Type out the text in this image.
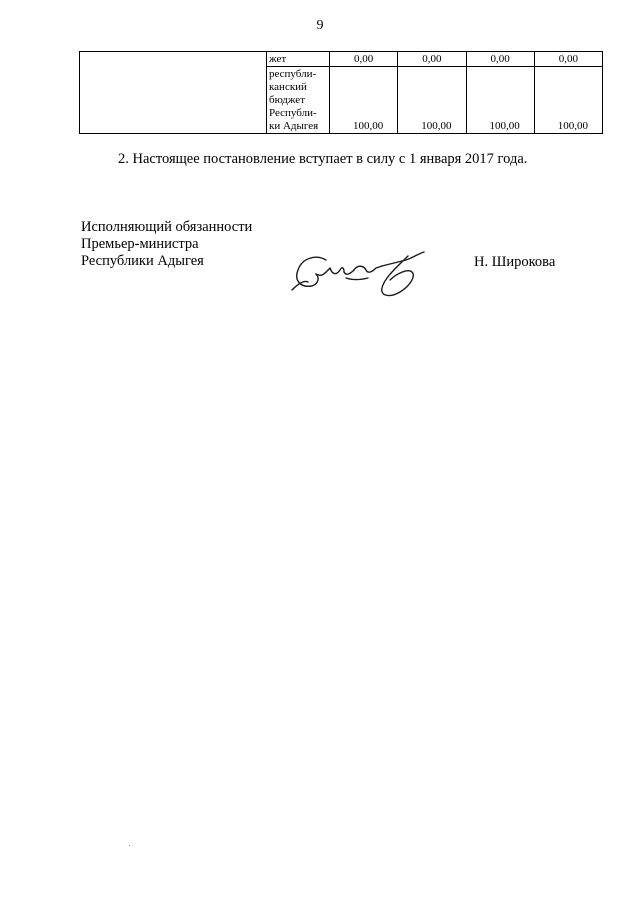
9

	жет	0,00	0,00	0,00	0,00

	республи-
канский
бюджет
Республи-
ки Адыгея	100,00	100,00	100,00	100,00
2. Настоящее постановление вступает в силу с 1 января 2017 года.
Исполняющий обязанности
Премьер-министра
Республики Адыгея	Н. Широкова
